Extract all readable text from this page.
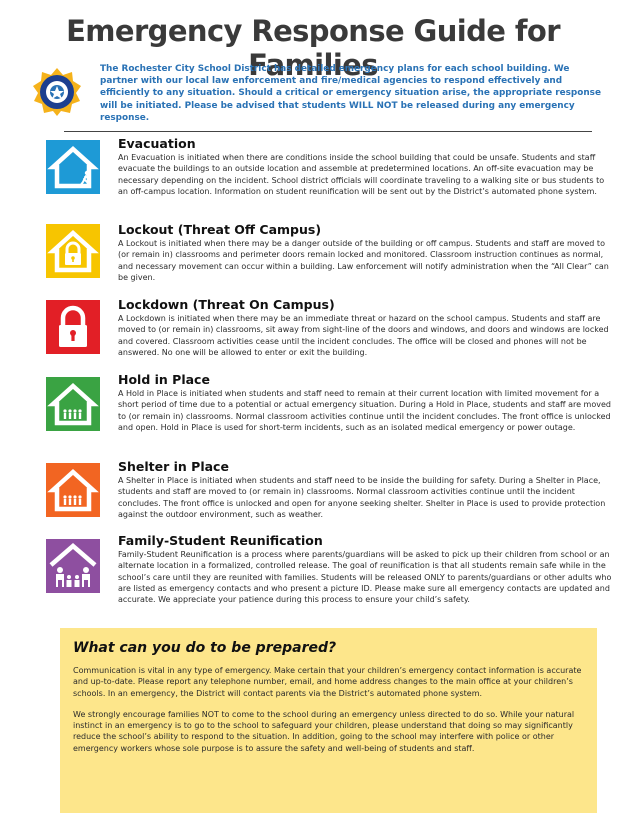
Emergency Response Guide for Families
The Rochester City School District has detailed emergency plans for each school building. We partner with our local law enforcement and fire/medical agencies to respond effectively and efficiently to any situation. Should a critical or emergency situation arise, the appropriate response will be initiated. Please be advised that students WILL NOT be released during any emergency response.
Evacuation
An Evacuation is initiated when there are conditions inside the school building that could be unsafe. Students and staff evacuate the buildings to an outside location and assemble at predetermined locations. An off-site evacuation may be necessary depending on the incident. School district officials will coordinate traveling to a walking site or bus students to an off-campus location. Information on student reunification will be sent out by the District’s automated phone system.
Lockout (Threat Off Campus)
A Lockout is initiated when there may be a danger outside of the building or off campus. Students and staff are moved to (or remain in) classrooms and perimeter doors remain locked and monitored. Classroom instruction continues as normal, and necessary movement can occur within a building. Law enforcement will notify administration when the “All Clear” can be given.
Lockdown (Threat On Campus)
A Lockdown is initiated when there may be an immediate threat or hazard on the school campus. Students and staff are moved to (or remain in) classrooms, sit away from sight-line of the doors and windows, and doors and windows are locked and covered. Classroom activities cease until the incident concludes. The office will be closed and phones will not be answered. No one will be allowed to enter or exit the building.
Hold in Place
A Hold in Place is initiated when students and staff need to remain at their current location with limited movement for a short period of time due to a potential or actual emergency situation. During a Hold in Place, students and staff are moved to (or remain in) classrooms. Normal classroom activities continue until the incident concludes. The front office is unlocked and open. Hold in Place is used for short-term incidents, such as an isolated medical emergency or power outage.
Shelter in Place
A Shelter in Place is initiated when students and staff need to be inside the building for safety. During a Shelter in Place, students and staff are moved to (or remain in) classrooms. Normal classroom activities continue until the incident concludes. The front office is unlocked and open for anyone seeking shelter. Shelter in Place is used to provide protection against the outdoor environment, such as weather.
Family-Student Reunification
Family-Student Reunification is a process where parents/guardians will be asked to pick up their children from school or an alternate location in a formalized, controlled release. The goal of reunification is that all students remain safe while in the school’s care until they are reunited with families. Students will be released ONLY to parents/guardians or other adults who are listed as emergency contacts and who present a picture ID. Please make sure all emergency contacts are updated and accurate. We appreciate your patience during this process to ensure your child’s safety.
What can you do to be prepared?
Communication is vital in any type of emergency. Make certain that your children’s emergency contact information is accurate and up-to-date. Please report any telephone number, email, and home address changes to the main office at your children’s schools. In an emergency, the District will contact parents via the District’s automated phone system.
We strongly encourage families NOT to come to the school during an emergency unless directed to do so. While your natural instinct in an emergency is to go to the school to safeguard your children, please understand that doing so may significantly reduce the school’s ability to respond to the situation. In addition, going to the school may interfere with police or other emergency workers whose sole purpose is to assure the safety and well-being of students and staff.
